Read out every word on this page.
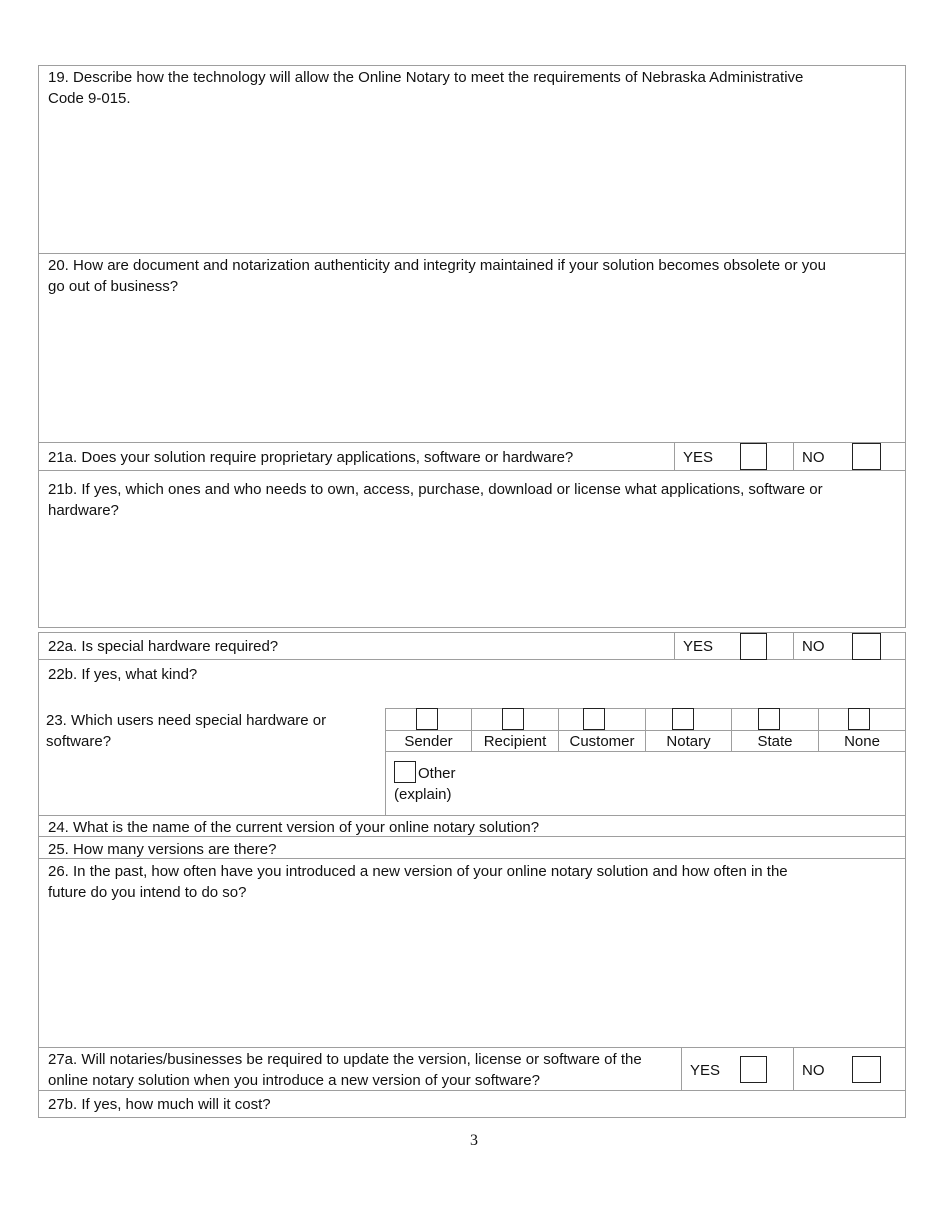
19. Describe how the technology will allow the Online Notary to meet the requirements of Nebraska Administrative
Code 9-015.
20. How are document and notarization authenticity and integrity maintained if your solution becomes obsolete or you
go out of business?
21a. Does your solution require proprietary applications, software or hardware?	YES	NO
21b. If yes, which ones and who needs to own, access, purchase, download or license what applications, software or
hardware?
22a. Is special hardware required?	YES	NO
22b. If yes, what kind?
23. Which users need special hardware or
software?	Sender	Recipient	Customer	Notary	State	None
Other
(explain)
24. What is the name of the current version of your online notary solution?
25. How many versions are there?
26. In the past, how often have you introduced a new version of your online notary solution and how often in the
future do you intend to do so?
27a. Will notaries/businesses be required to update the version, license or software of the
online notary solution when you introduce a new version of your software?
YES	NO
27b. If yes, how much will it cost?
3
